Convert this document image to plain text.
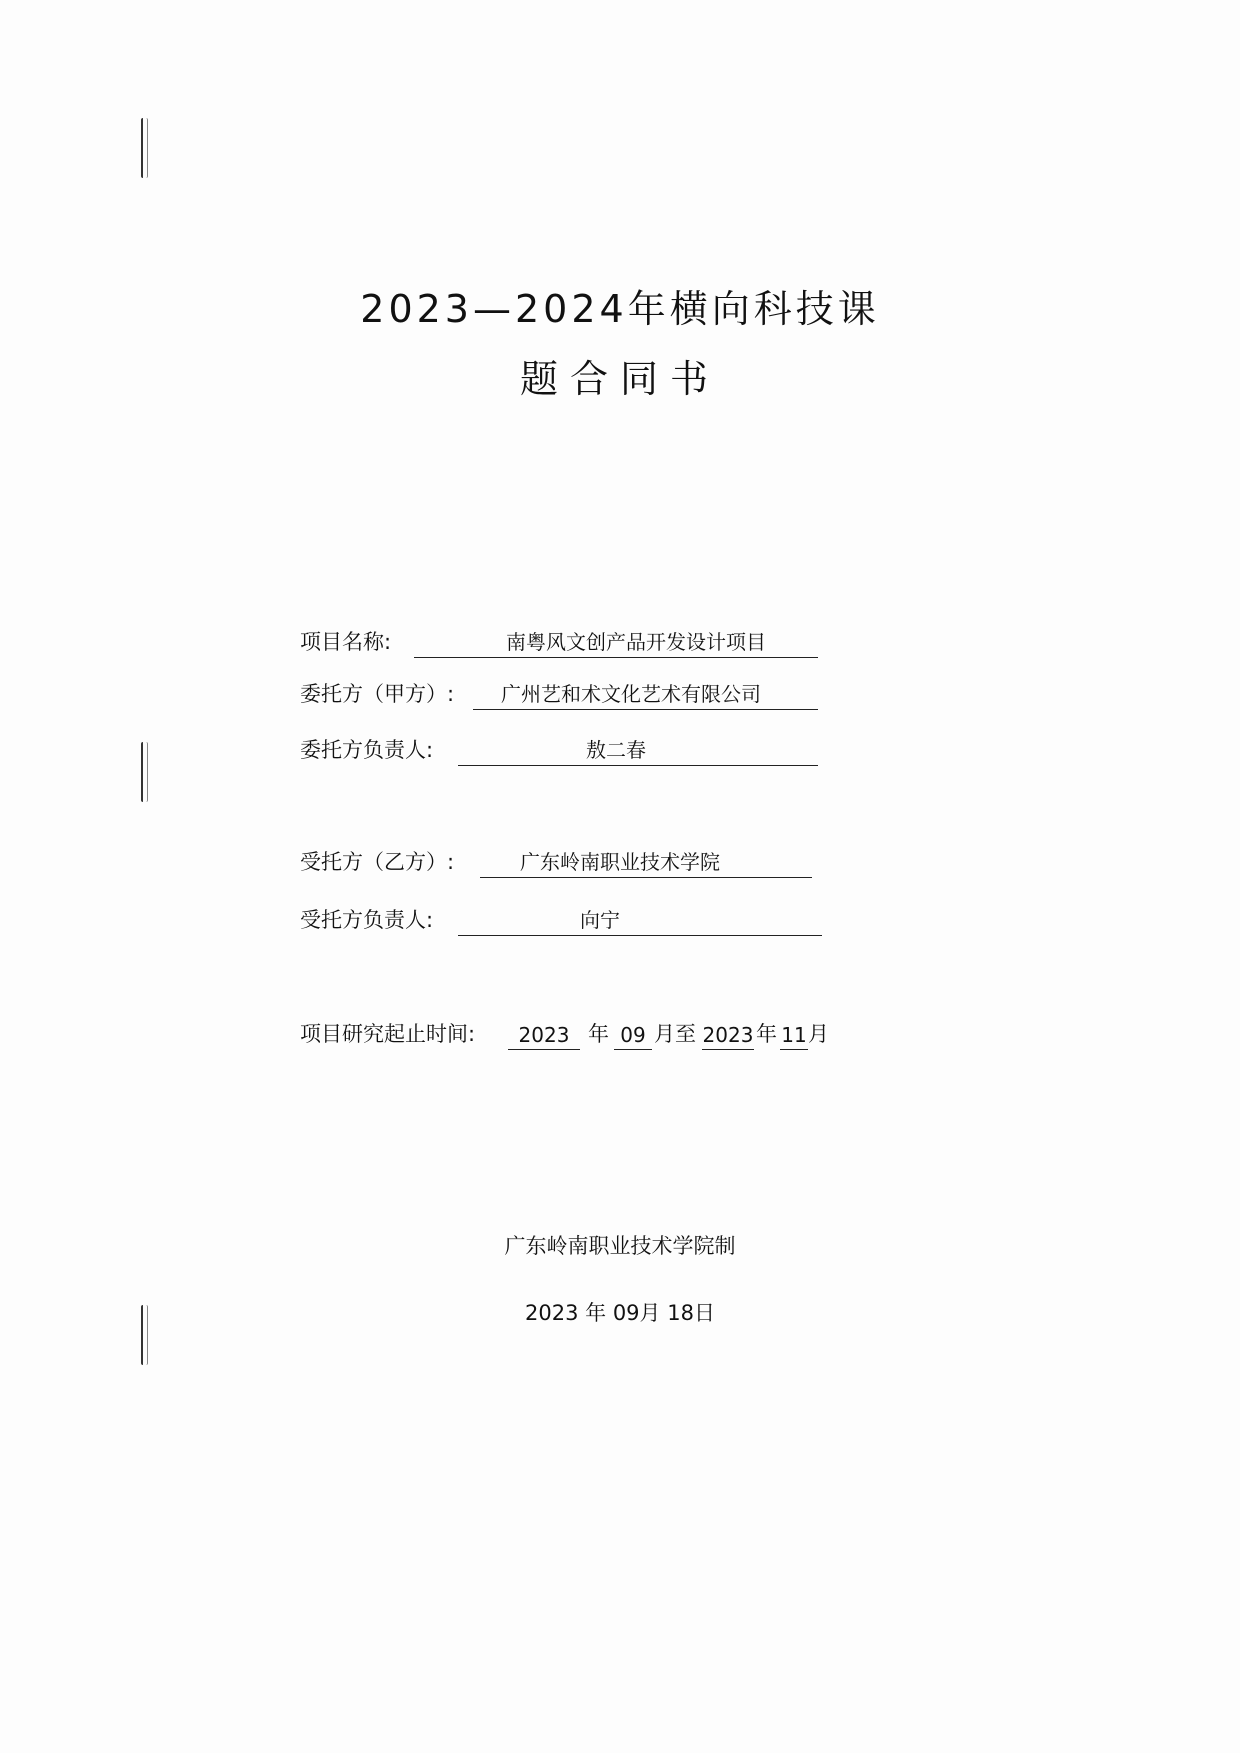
2023—2024年横向科技课
题合同书
项目名称:	南粤风文创产品开发设计项目
委托方（甲方）: 广州艺和术文化艺术有限公司
委托方负责人:	敖二春
受托方（乙方）:	广东岭南职业技术学院
受托方负责人:	向宁
项目研究起止时间:	2023 年 09 月至 2023 年 11 月
广东岭南职业技术学院制
2023 年 09月 18日
